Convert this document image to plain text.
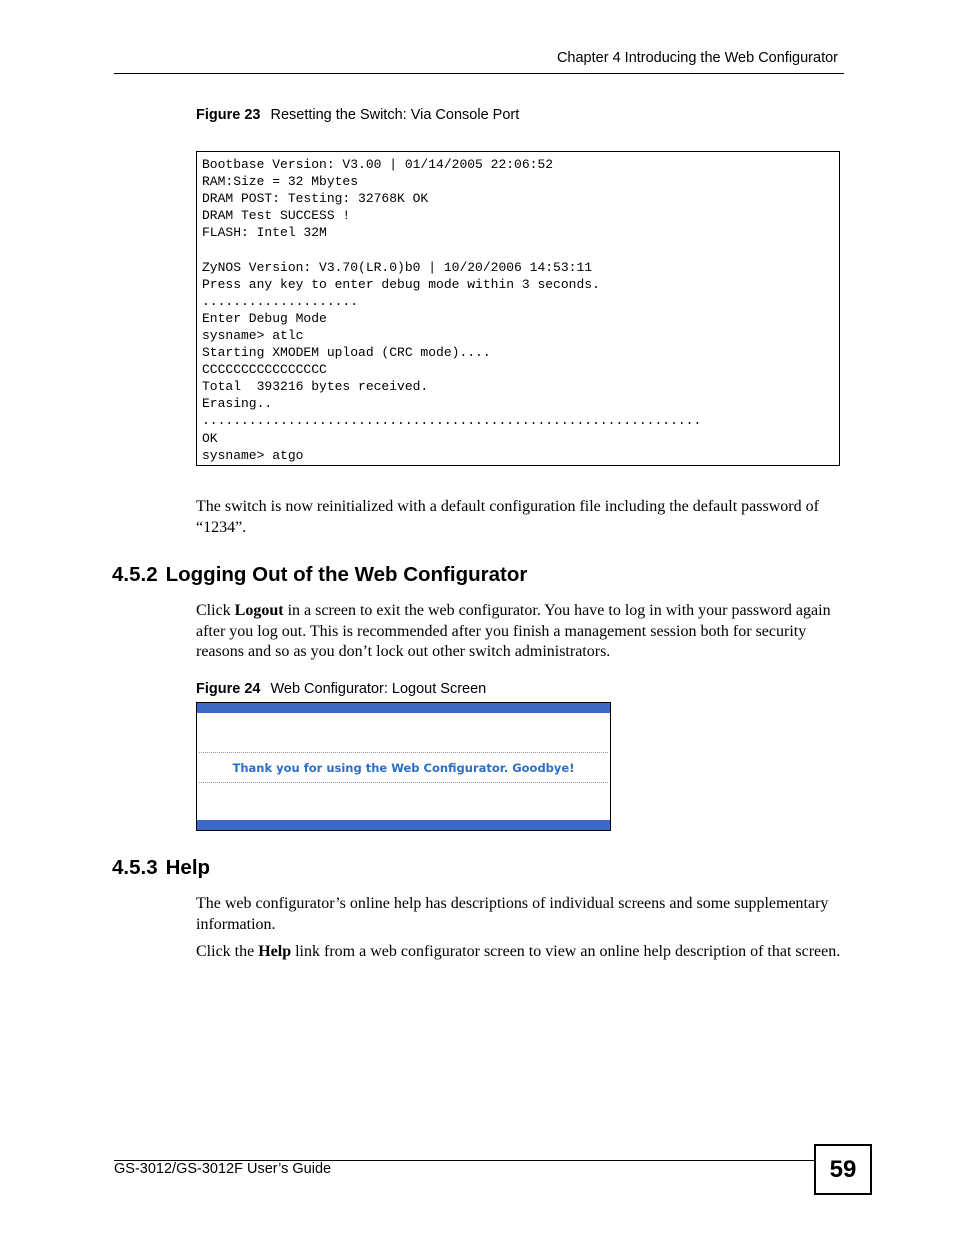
Chapter 4 Introducing the Web Configurator
Figure 23 Resetting the Switch: Via Console Port
Bootbase Version: V3.00 | 01/14/2005 22:06:52
RAM:Size = 32 Mbytes
DRAM POST: Testing: 32768K OK
DRAM Test SUCCESS !
FLASH: Intel 32M

ZyNOS Version: V3.70(LR.0)b0 | 10/20/2006 14:53:11
Press any key to enter debug mode within 3 seconds.
....................
Enter Debug Mode
sysname> atlc
Starting XMODEM upload (CRC mode)....
CCCCCCCCCCCCCCCC
Total  393216 bytes received.
Erasing..
................................................................
OK
sysname> atgo

The switch is now reinitialized with a default configuration file including the default password of “1234”.

4.5.2 Logging Out of the Web Configurator

Click Logout in a screen to exit the web configurator. You have to log in with your password again after you log out. This is recommended after you finish a management session both for security reasons and so as you don’t lock out other switch administrators.

Figure 24 Web Configurator: Logout Screen
Thank you for using the Web Configurator. Goodbye!
4.5.3 Help

The web configurator’s online help has descriptions of individual screens and some supplementary information.

Click the Help link from a web configurator screen to view an online help description of that screen.

GS-3012/GS-3012F User’s Guide	59
